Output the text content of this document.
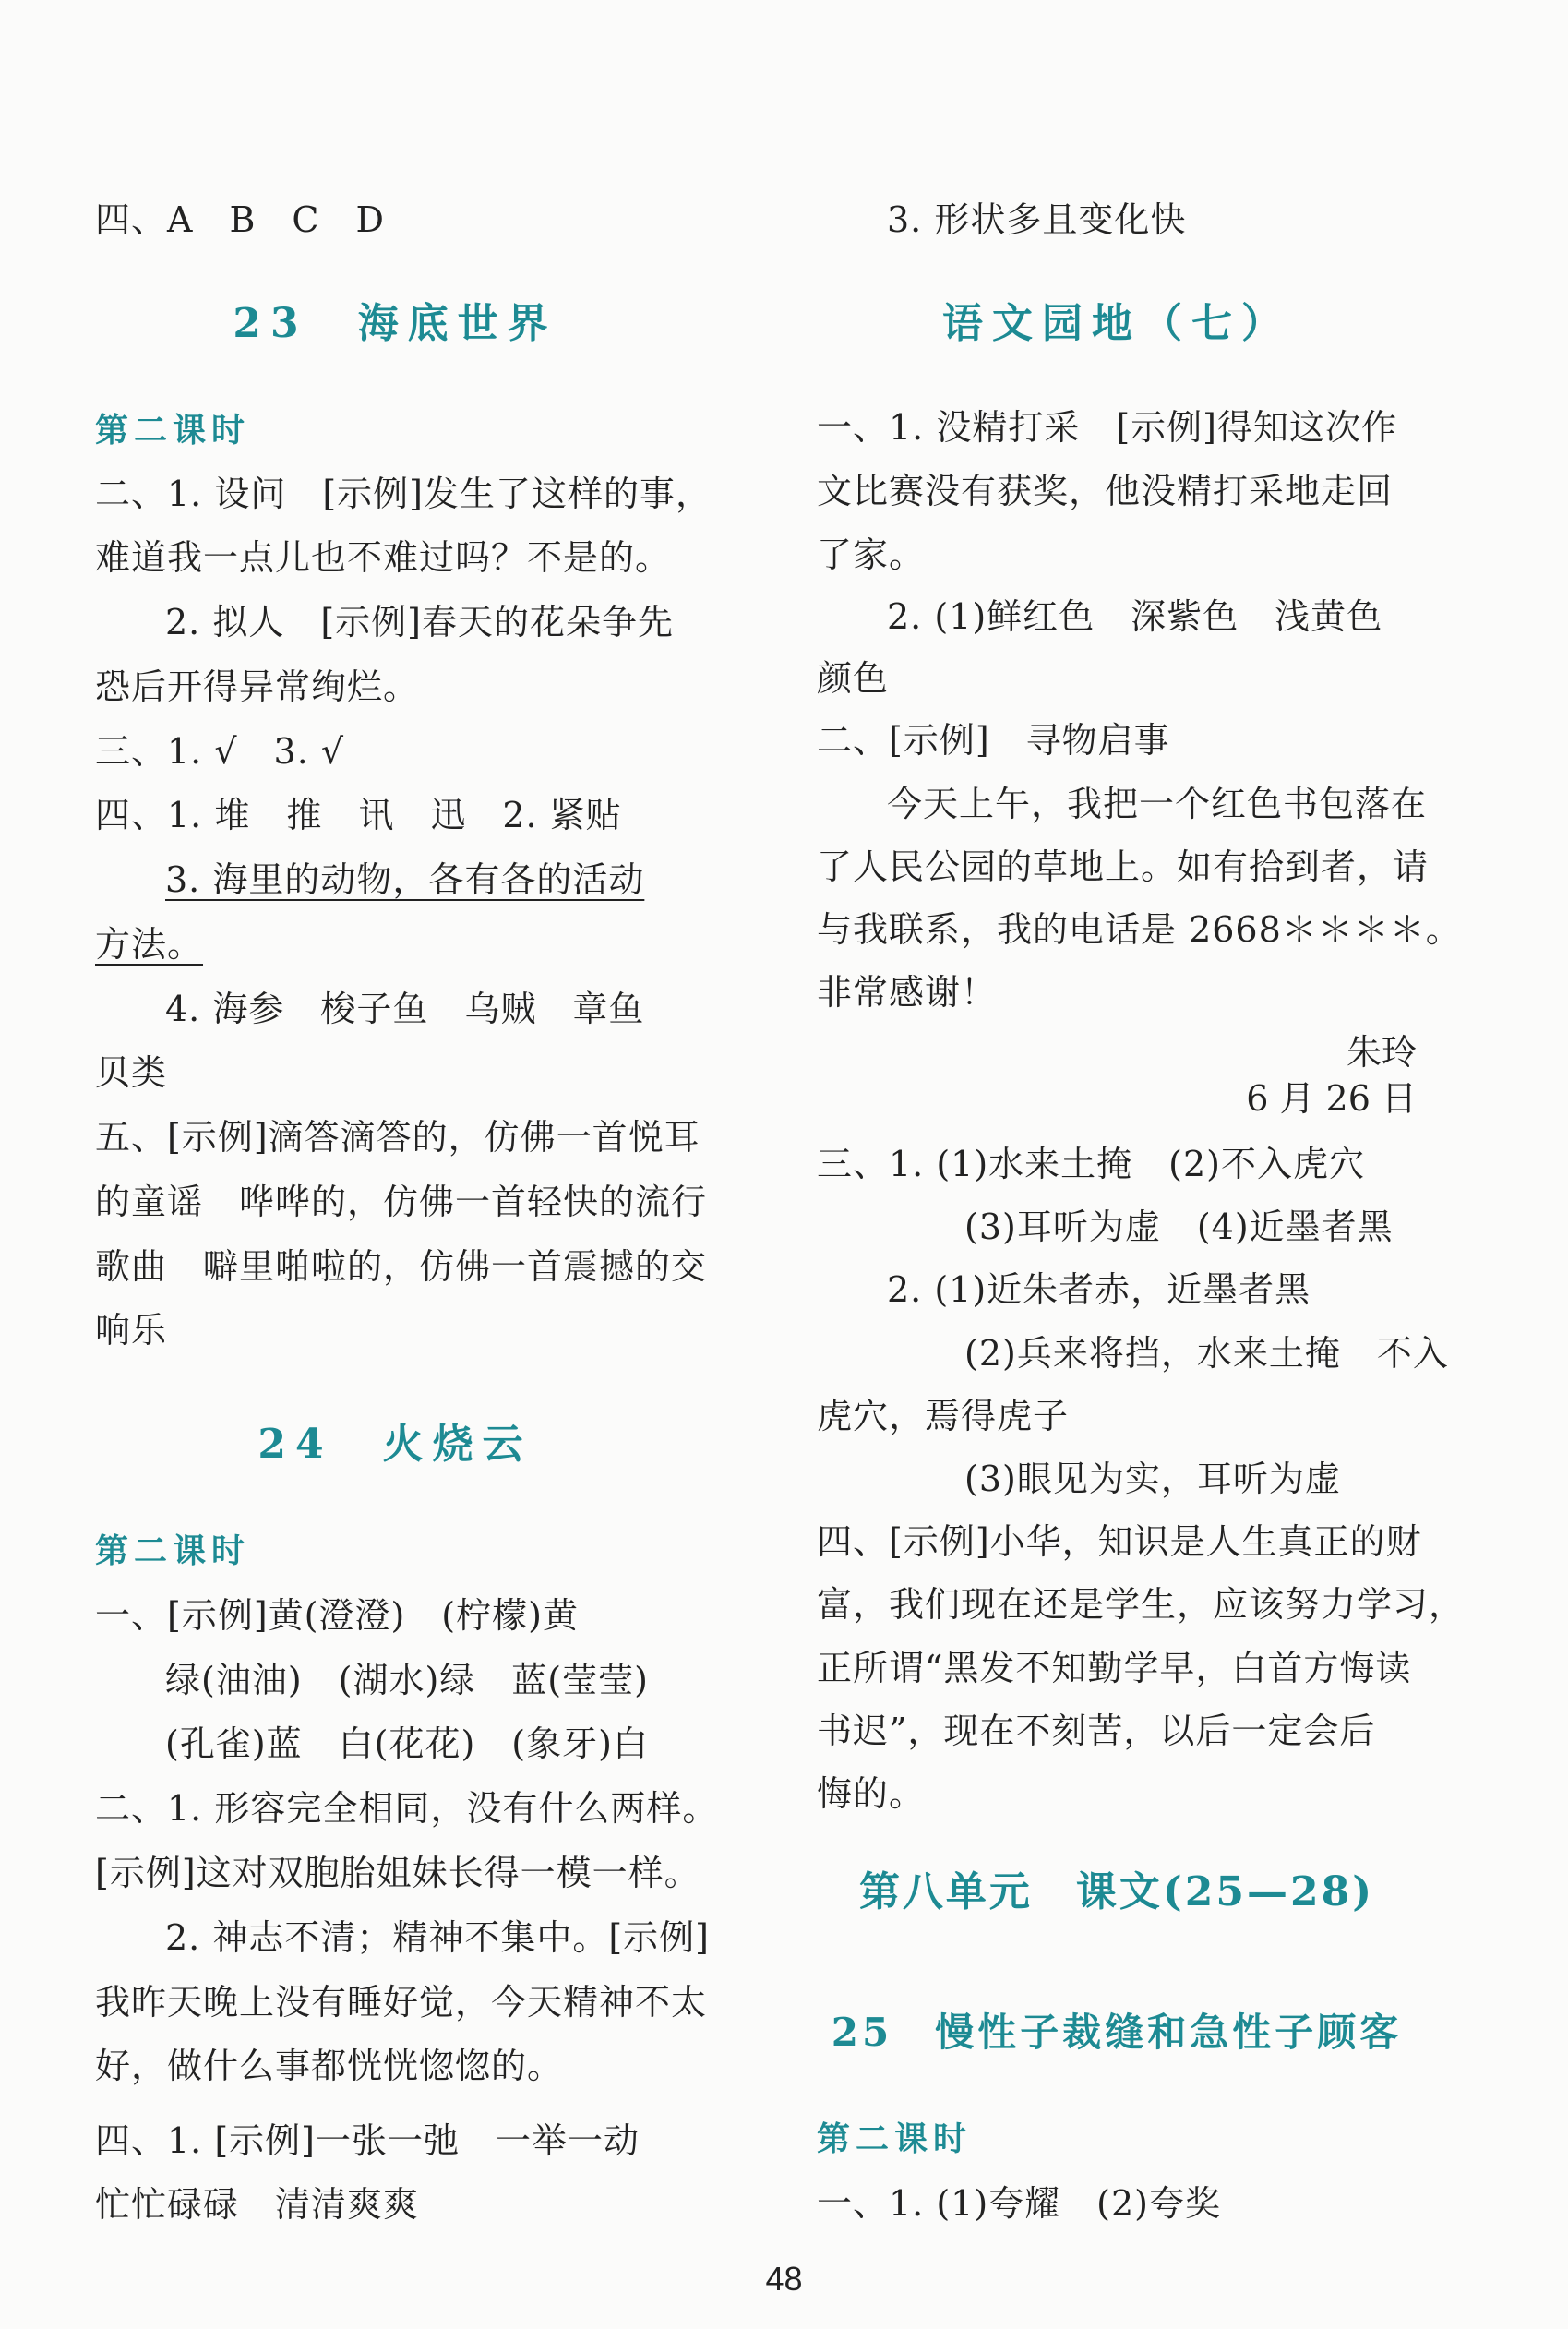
四、A　B　C　D
23　海底世界
第二课时
二、1. 设问　[示例]发生了这样的事，
难道我一点儿也不难过吗？不是的。
2. 拟人　[示例]春天的花朵争先
恐后开得异常绚烂。
三、1. √　3. √
四、1. 堆　推　讯　迅　2. 紧贴
3. 海里的动物，各有各的活动
方法。
4. 海参　梭子鱼　乌贼　章鱼
贝类
五、[示例]滴答滴答的，仿佛一首悦耳
的童谣　哗哗的，仿佛一首轻快的流行
歌曲　噼里啪啦的，仿佛一首震撼的交
响乐
24　火烧云
第二课时
一、[示例]黄(澄澄)　(柠檬)黄
绿(油油)　(湖水)绿　蓝(莹莹)
(孔雀)蓝　白(花花)　(象牙)白
二、1. 形容完全相同，没有什么两样。
[示例]这对双胞胎姐妹长得一模一样。
2. 神志不清；精神不集中。[示例]
我昨天晚上没有睡好觉，今天精神不太
好，做什么事都恍恍惚惚的。
四、1. [示例]一张一弛　一举一动
忙忙碌碌　清清爽爽
3. 形状多且变化快
语文园地（七）
一、1. 没精打采　[示例]得知这次作
文比赛没有获奖，他没精打采地走回
了家。
2. (1)鲜红色　深紫色　浅黄色
颜色
二、[示例]　寻物启事
今天上午，我把一个红色书包落在
了人民公园的草地上。如有拾到者，请
与我联系，我的电话是 2668＊＊＊＊。
非常感谢！
朱玲
6 月 26 日
三、1. (1)水来土掩　(2)不入虎穴
(3)耳听为虚　(4)近墨者黑
2. (1)近朱者赤，近墨者黑
(2)兵来将挡，水来土掩　不入
虎穴，焉得虎子
(3)眼见为实，耳听为虚
四、[示例]小华，知识是人生真正的财
富，我们现在还是学生，应该努力学习，
正所谓“黑发不知勤学早，白首方悔读
书迟”，现在不刻苦，以后一定会后
悔的。
第八单元　课文(25—28)
25　慢性子裁缝和急性子顾客
第二课时
一、1. (1)夸耀　(2)夸奖
48
